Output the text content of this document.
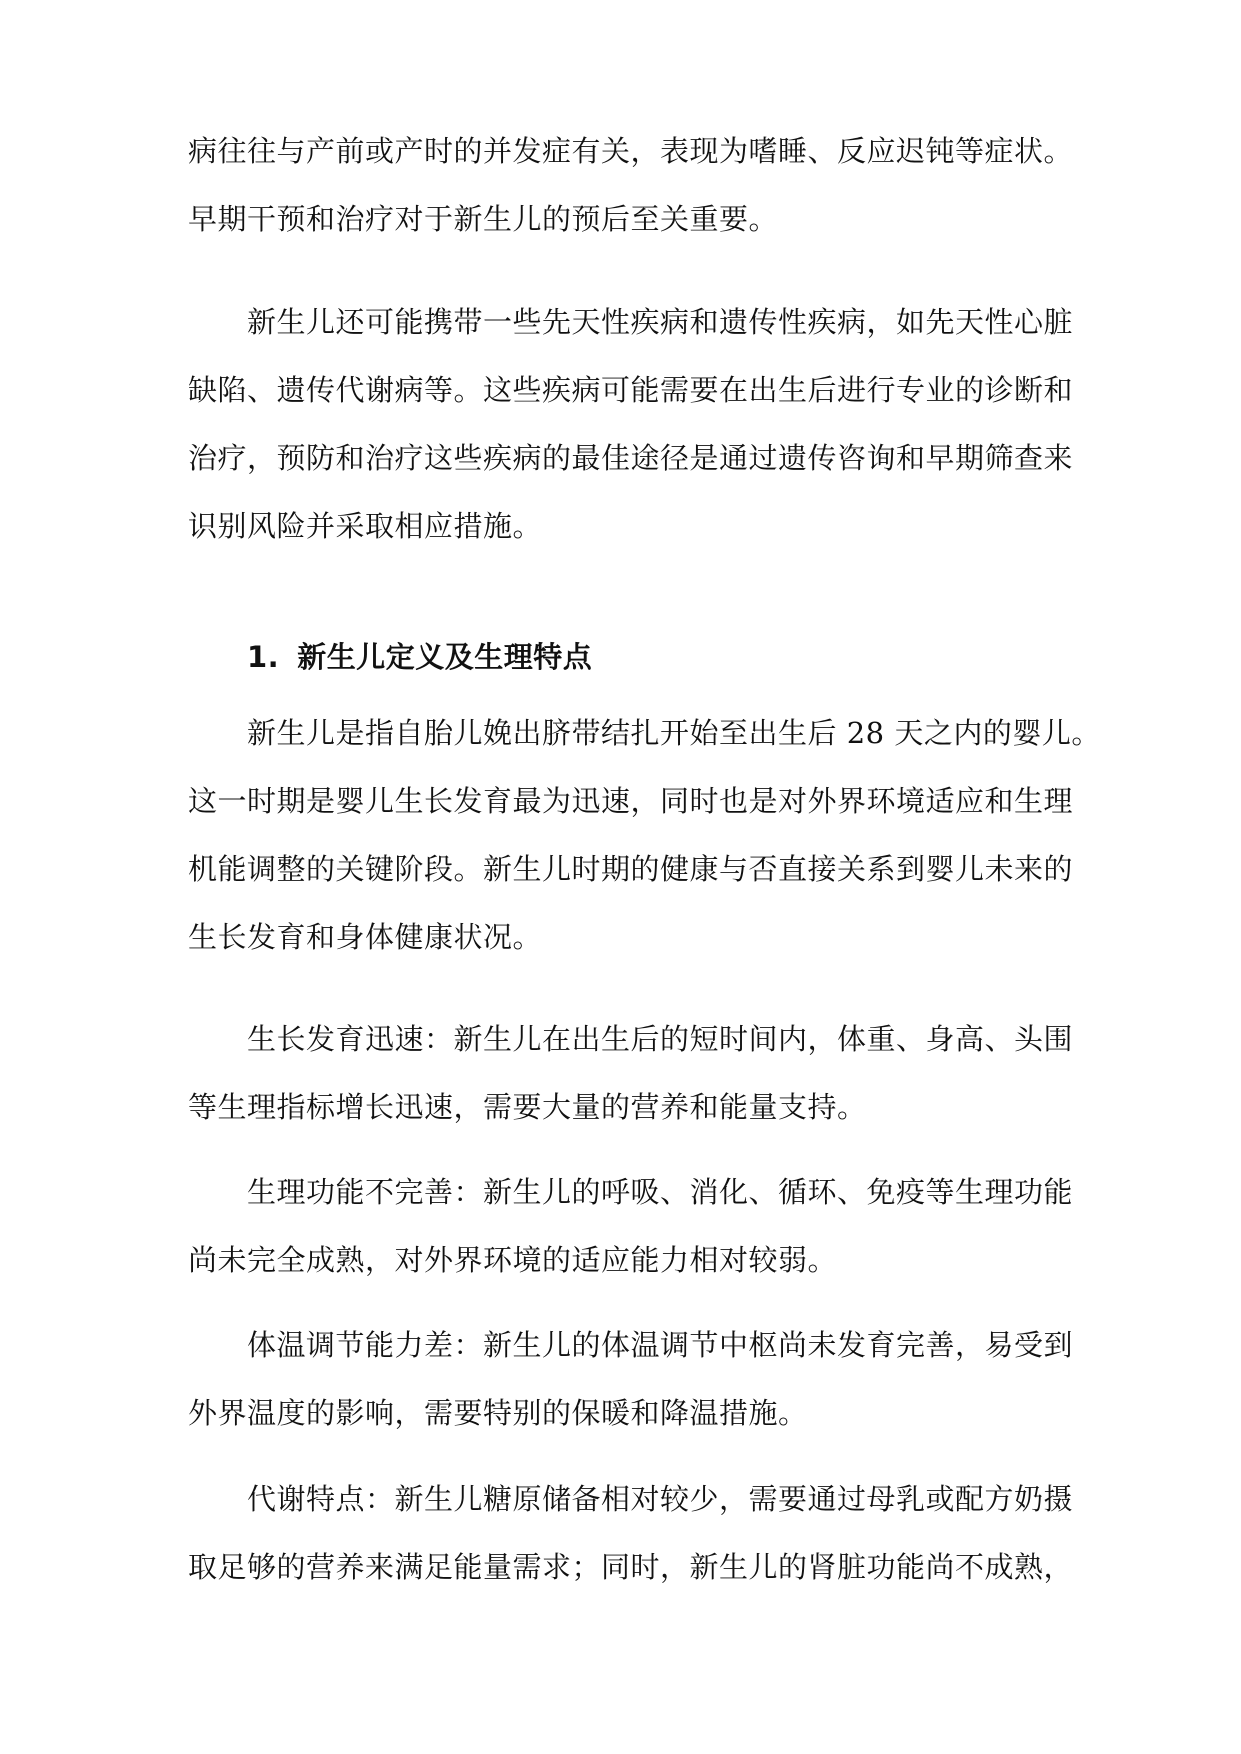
病往往与产前或产时的并发症有关，表现为嗜睡、反应迟钝等症状。

早期干预和治疗对于新生儿的预后至关重要。

新生儿还可能携带一些先天性疾病和遗传性疾病，如先天性心脏

缺陷、遗传代谢病等。这些疾病可能需要在出生后进行专业的诊断和

治疗，预防和治疗这些疾病的最佳途径是通过遗传咨询和早期筛查来

识别风险并采取相应措施。

1. 新生儿定义及生理特点

新生儿是指自胎儿娩出脐带结扎开始至出生后 28 天之内的婴儿。

这一时期是婴儿生长发育最为迅速，同时也是对外界环境适应和生理

机能调整的关键阶段。新生儿时期的健康与否直接关系到婴儿未来的

生长发育和身体健康状况。

生长发育迅速：新生儿在出生后的短时间内，体重、身高、头围

等生理指标增长迅速，需要大量的营养和能量支持。

生理功能不完善：新生儿的呼吸、消化、循环、免疫等生理功能

尚未完全成熟，对外界环境的适应能力相对较弱。

体温调节能力差：新生儿的体温调节中枢尚未发育完善，易受到

外界温度的影响，需要特别的保暖和降温措施。

代谢特点：新生儿糖原储备相对较少，需要通过母乳或配方奶摄

取足够的营养来满足能量需求；同时，新生儿的肾脏功能尚不成熟，
